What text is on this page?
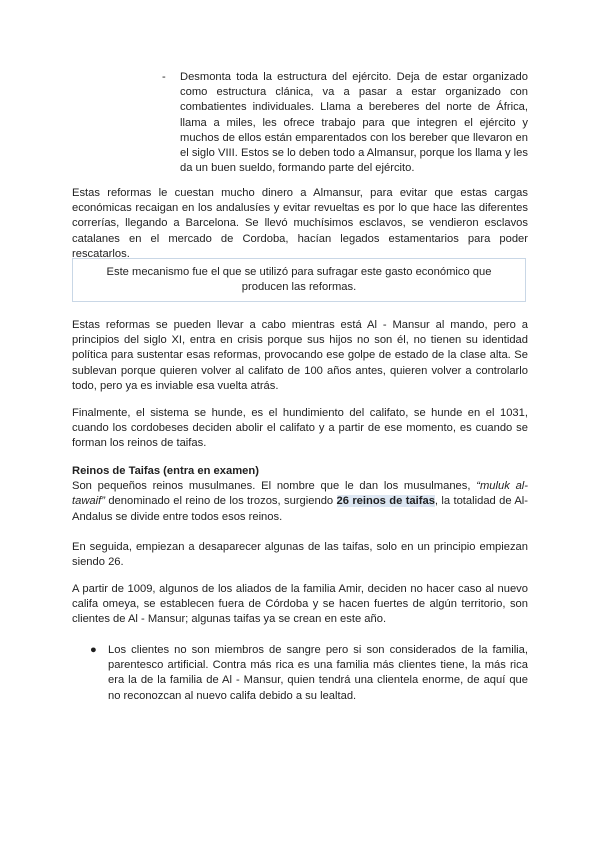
- Desmonta toda la estructura del ejército. Deja de estar organizado como estructura clánica, va a pasar a estar organizado con combatientes individuales. Llama a bereberes del norte de África, llama a miles, les ofrece trabajo para que integren el ejército y muchos de ellos están emparentados con los bereber que llevaron en el siglo VIII. Estos se lo deben todo a Almansur, porque los llama y les da un buen sueldo, formando parte del ejército.

Estas reformas le cuestan mucho dinero a Almansur, para evitar que estas cargas económicas recaigan en los andalusíes y evitar revueltas es por lo que hace las diferentes correrías, llegando a Barcelona. Se llevó muchísimos esclavos, se vendieron esclavos catalanes en el mercado de Cordoba, hacían legados estamentarios para poder rescatarlos.

Este mecanismo fue el que se utilizó para sufragar este gasto económico que producen las reformas.

Estas reformas se pueden llevar a cabo mientras está Al - Mansur al mando, pero a principios del siglo XI, entra en crisis porque sus hijos no son él, no tienen su identidad política para sustentar esas reformas, provocando ese golpe de estado de la clase alta. Se sublevan porque quieren volver al califato de 100 años antes, quieren volver a controlarlo todo, pero ya es inviable esa vuelta atrás.

Finalmente, el sistema se hunde, es el hundimiento del califato, se hunde en el 1031, cuando los cordobeses deciden abolir el califato y a partir de ese momento, es cuando se forman los reinos de taifas.

Reinos de Taifas (entra en examen)
Son pequeños reinos musulmanes. El nombre que le dan los musulmanes, “muluk al-tawaif” denominado el reino de los trozos, surgiendo 26 reinos de taifas, la totalidad de Al-Andalus se divide entre todos esos reinos.

En seguida, empiezan a desaparecer algunas de las taifas, solo en un principio empiezan siendo 26.

A partir de 1009, algunos de los aliados de la familia Amir, deciden no hacer caso al nuevo califa omeya, se establecen fuera de Córdoba y se hacen fuertes de algún territorio, son clientes de Al - Mansur; algunas taifas ya se crean en este año.

● Los clientes no son miembros de sangre pero si son considerados de la familia, parentesco artificial. Contra más rica es una familia más clientes tiene, la más rica era la de la familia de Al - Mansur, quien tendrá una clientela enorme, de aquí que no reconozcan al nuevo califa debido a su lealtad.
